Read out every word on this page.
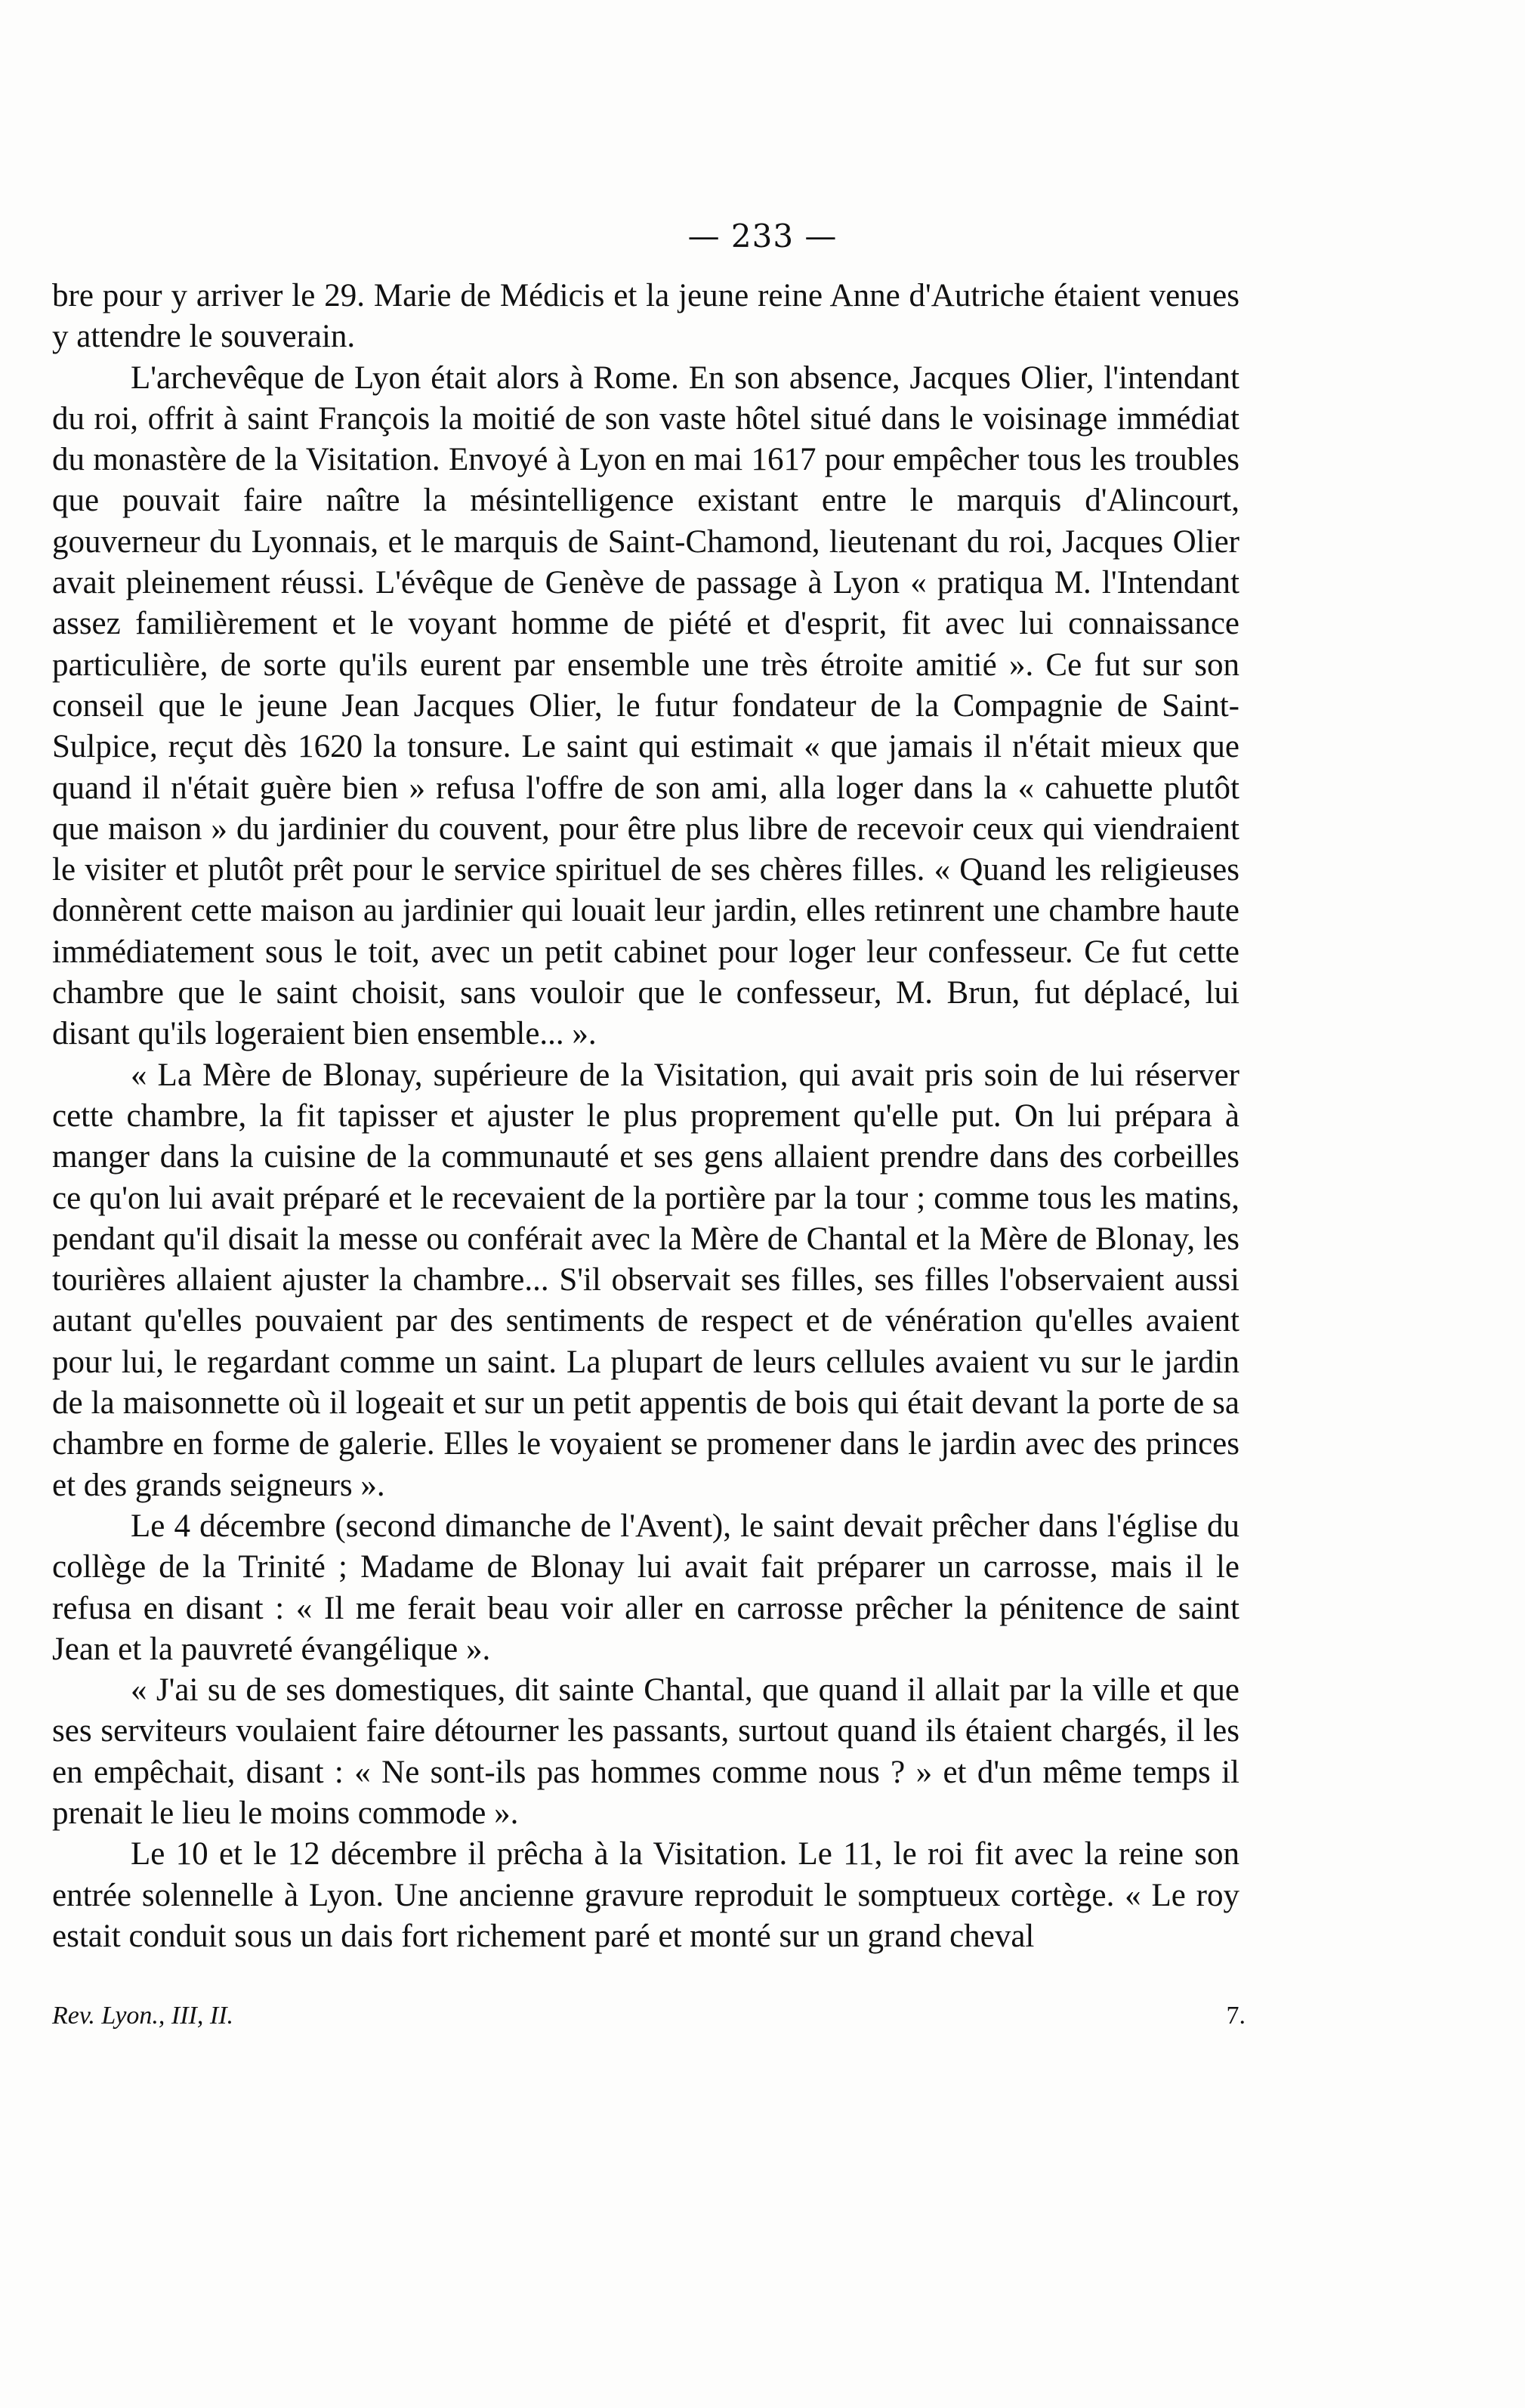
— 233 —

bre pour y arriver le 29. Marie de Médicis et la jeune reine Anne d'Autriche étaient venues y attendre le souverain.

L'archevêque de Lyon était alors à Rome. En son absence, Jacques Olier, l'intendant du roi, offrit à saint François la moitié de son vaste hôtel situé dans le voisinage immédiat du monastère de la Visitation. Envoyé à Lyon en mai 1617 pour empêcher tous les troubles que pouvait faire naître la mésintelligence existant entre le marquis d'Alincourt, gouverneur du Lyonnais, et le marquis de Saint-Chamond, lieutenant du roi, Jacques Olier avait pleinement réussi. L'évêque de Genève de passage à Lyon « pratiqua M. l'Intendant assez familièrement et le voyant homme de piété et d'esprit, fit avec lui connaissance particulière, de sorte qu'ils eurent par ensemble une très étroite amitié ». Ce fut sur son conseil que le jeune Jean Jacques Olier, le futur fondateur de la Compagnie de Saint-Sulpice, reçut dès 1620 la tonsure. Le saint qui estimait « que jamais il n'était mieux que quand il n'était guère bien » refusa l'offre de son ami, alla loger dans la « cahuette plutôt que maison » du jardinier du couvent, pour être plus libre de recevoir ceux qui viendraient le visiter et plutôt prêt pour le service spirituel de ses chères filles. « Quand les religieuses donnèrent cette maison au jardinier qui louait leur jardin, elles retinrent une chambre haute immédiatement sous le toit, avec un petit cabinet pour loger leur confesseur. Ce fut cette chambre que le saint choisit, sans vouloir que le confesseur, M. Brun, fut déplacé, lui disant qu'ils logeraient bien ensemble... ».

« La Mère de Blonay, supérieure de la Visitation, qui avait pris soin de lui réserver cette chambre, la fit tapisser et ajuster le plus proprement qu'elle put. On lui prépara à manger dans la cuisine de la communauté et ses gens allaient prendre dans des corbeilles ce qu'on lui avait préparé et le recevaient de la portière par la tour ; comme tous les matins, pendant qu'il disait la messe ou conférait avec la Mère de Chantal et la Mère de Blonay, les tourières allaient ajuster la chambre... S'il observait ses filles, ses filles l'observaient aussi autant qu'elles pouvaient par des sentiments de respect et de vénération qu'elles avaient pour lui, le regardant comme un saint. La plupart de leurs cellules avaient vu sur le jardin de la maisonnette où il logeait et sur un petit appentis de bois qui était devant la porte de sa chambre en forme de galerie. Elles le voyaient se promener dans le jardin avec des princes et des grands seigneurs ».

Le 4 décembre (second dimanche de l'Avent), le saint devait prêcher dans l'église du collège de la Trinité ; Madame de Blonay lui avait fait préparer un carrosse, mais il le refusa en disant : « Il me ferait beau voir aller en carrosse prêcher la pénitence de saint Jean et la pauvreté évangélique ».

« J'ai su de ses domestiques, dit sainte Chantal, que quand il allait par la ville et que ses serviteurs voulaient faire détourner les passants, surtout quand ils étaient chargés, il les en empêchait, disant : « Ne sont-ils pas hommes comme nous ? » et d'un même temps il prenait le lieu le moins commode ».

Le 10 et le 12 décembre il prêcha à la Visitation. Le 11, le roi fit avec la reine son entrée solennelle à Lyon. Une ancienne gravure reproduit le somptueux cortège. « Le roy estait conduit sous un dais fort richement paré et monté sur un grand cheval

Rev. Lyon., III, II.	7.
